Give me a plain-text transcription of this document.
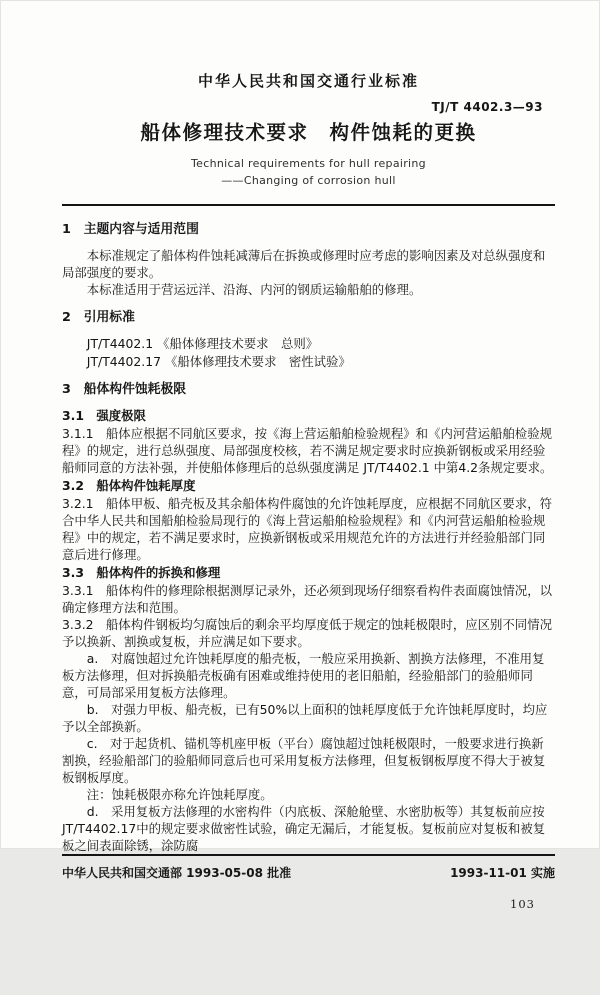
中华人民共和国交通行业标准
TJ/T 4402.3—93
船体修理技术要求　构件蚀耗的更换
Technical requirements for hull repairing
——Changing of corrosion hull
1　主题内容与适用范围
本标准规定了船体构件蚀耗减薄后在拆换或修理时应考虑的影响因素及对总纵强度和局部强度的要求。
本标准适用于营运远洋、沿海、内河的钢质运输船舶的修理。
2　引用标准
JT/T4402.1 《船体修理技术要求　总则》
JT/T4402.17 《船体修理技术要求　密性试验》
3　船体构件蚀耗极限
3.1　强度极限
3.1.1　船体应根据不同航区要求，按《海上营运船舶检验规程》和《内河营运船舶检验规程》的规定，进行总纵强度、局部强度校核，若不满足规定要求时应换新钢板或采用经验船师同意的方法补强，并使船体修理后的总纵强度满足 JT/T4402.1 中第4.2条规定要求。
3.2　船体构件蚀耗厚度
3.2.1　船体甲板、船壳板及其余船体构件腐蚀的允许蚀耗厚度，应根据不同航区要求，符合中华人民共和国船舶检验局现行的《海上营运船舶检验规程》和《内河营运船舶检验规程》中的规定，若不满足要求时，应换新钢板或采用规范允许的方法进行并经验船部门同意后进行修理。
3.3　船体构件的拆换和修理
3.3.1　船体构件的修理除根据测厚记录外，还必须到现场仔细察看构件表面腐蚀情况，以确定修理方法和范围。
3.3.2　船体构件钢板均匀腐蚀后的剩余平均厚度低于规定的蚀耗极限时，应区别不同情况予以换新、割换或复板，并应满足如下要求。
a.　对腐蚀超过允许蚀耗厚度的船壳板，一般应采用换新、割换方法修理，不准用复板方法修理，但对拆换船壳板确有困难或维持使用的老旧船舶，经验船部门的验船师同意，可局部采用复板方法修理。
b.　对强力甲板、船壳板，已有50%以上面积的蚀耗厚度低于允许蚀耗厚度时，均应予以全部换新。
c.　对于起货机、锚机等机座甲板（平台）腐蚀超过蚀耗极限时，一般要求进行换新割换，经验船部门的验船师同意后也可采用复板方法修理，但复板钢板厚度不得大于被复板钢板厚度。
注：蚀耗极限亦称允许蚀耗厚度。
d.　采用复板方法修理的水密构件（内底板、深舱舱壁、水密肋板等）其复板前应按JT/T4402.17中的规定要求做密性试验，确定无漏后，才能复板。复板前应对复板和被复板之间表面除锈，涂防腐
中华人民共和国交通部 1993-05-08 批准	1993-11-01 实施
103
